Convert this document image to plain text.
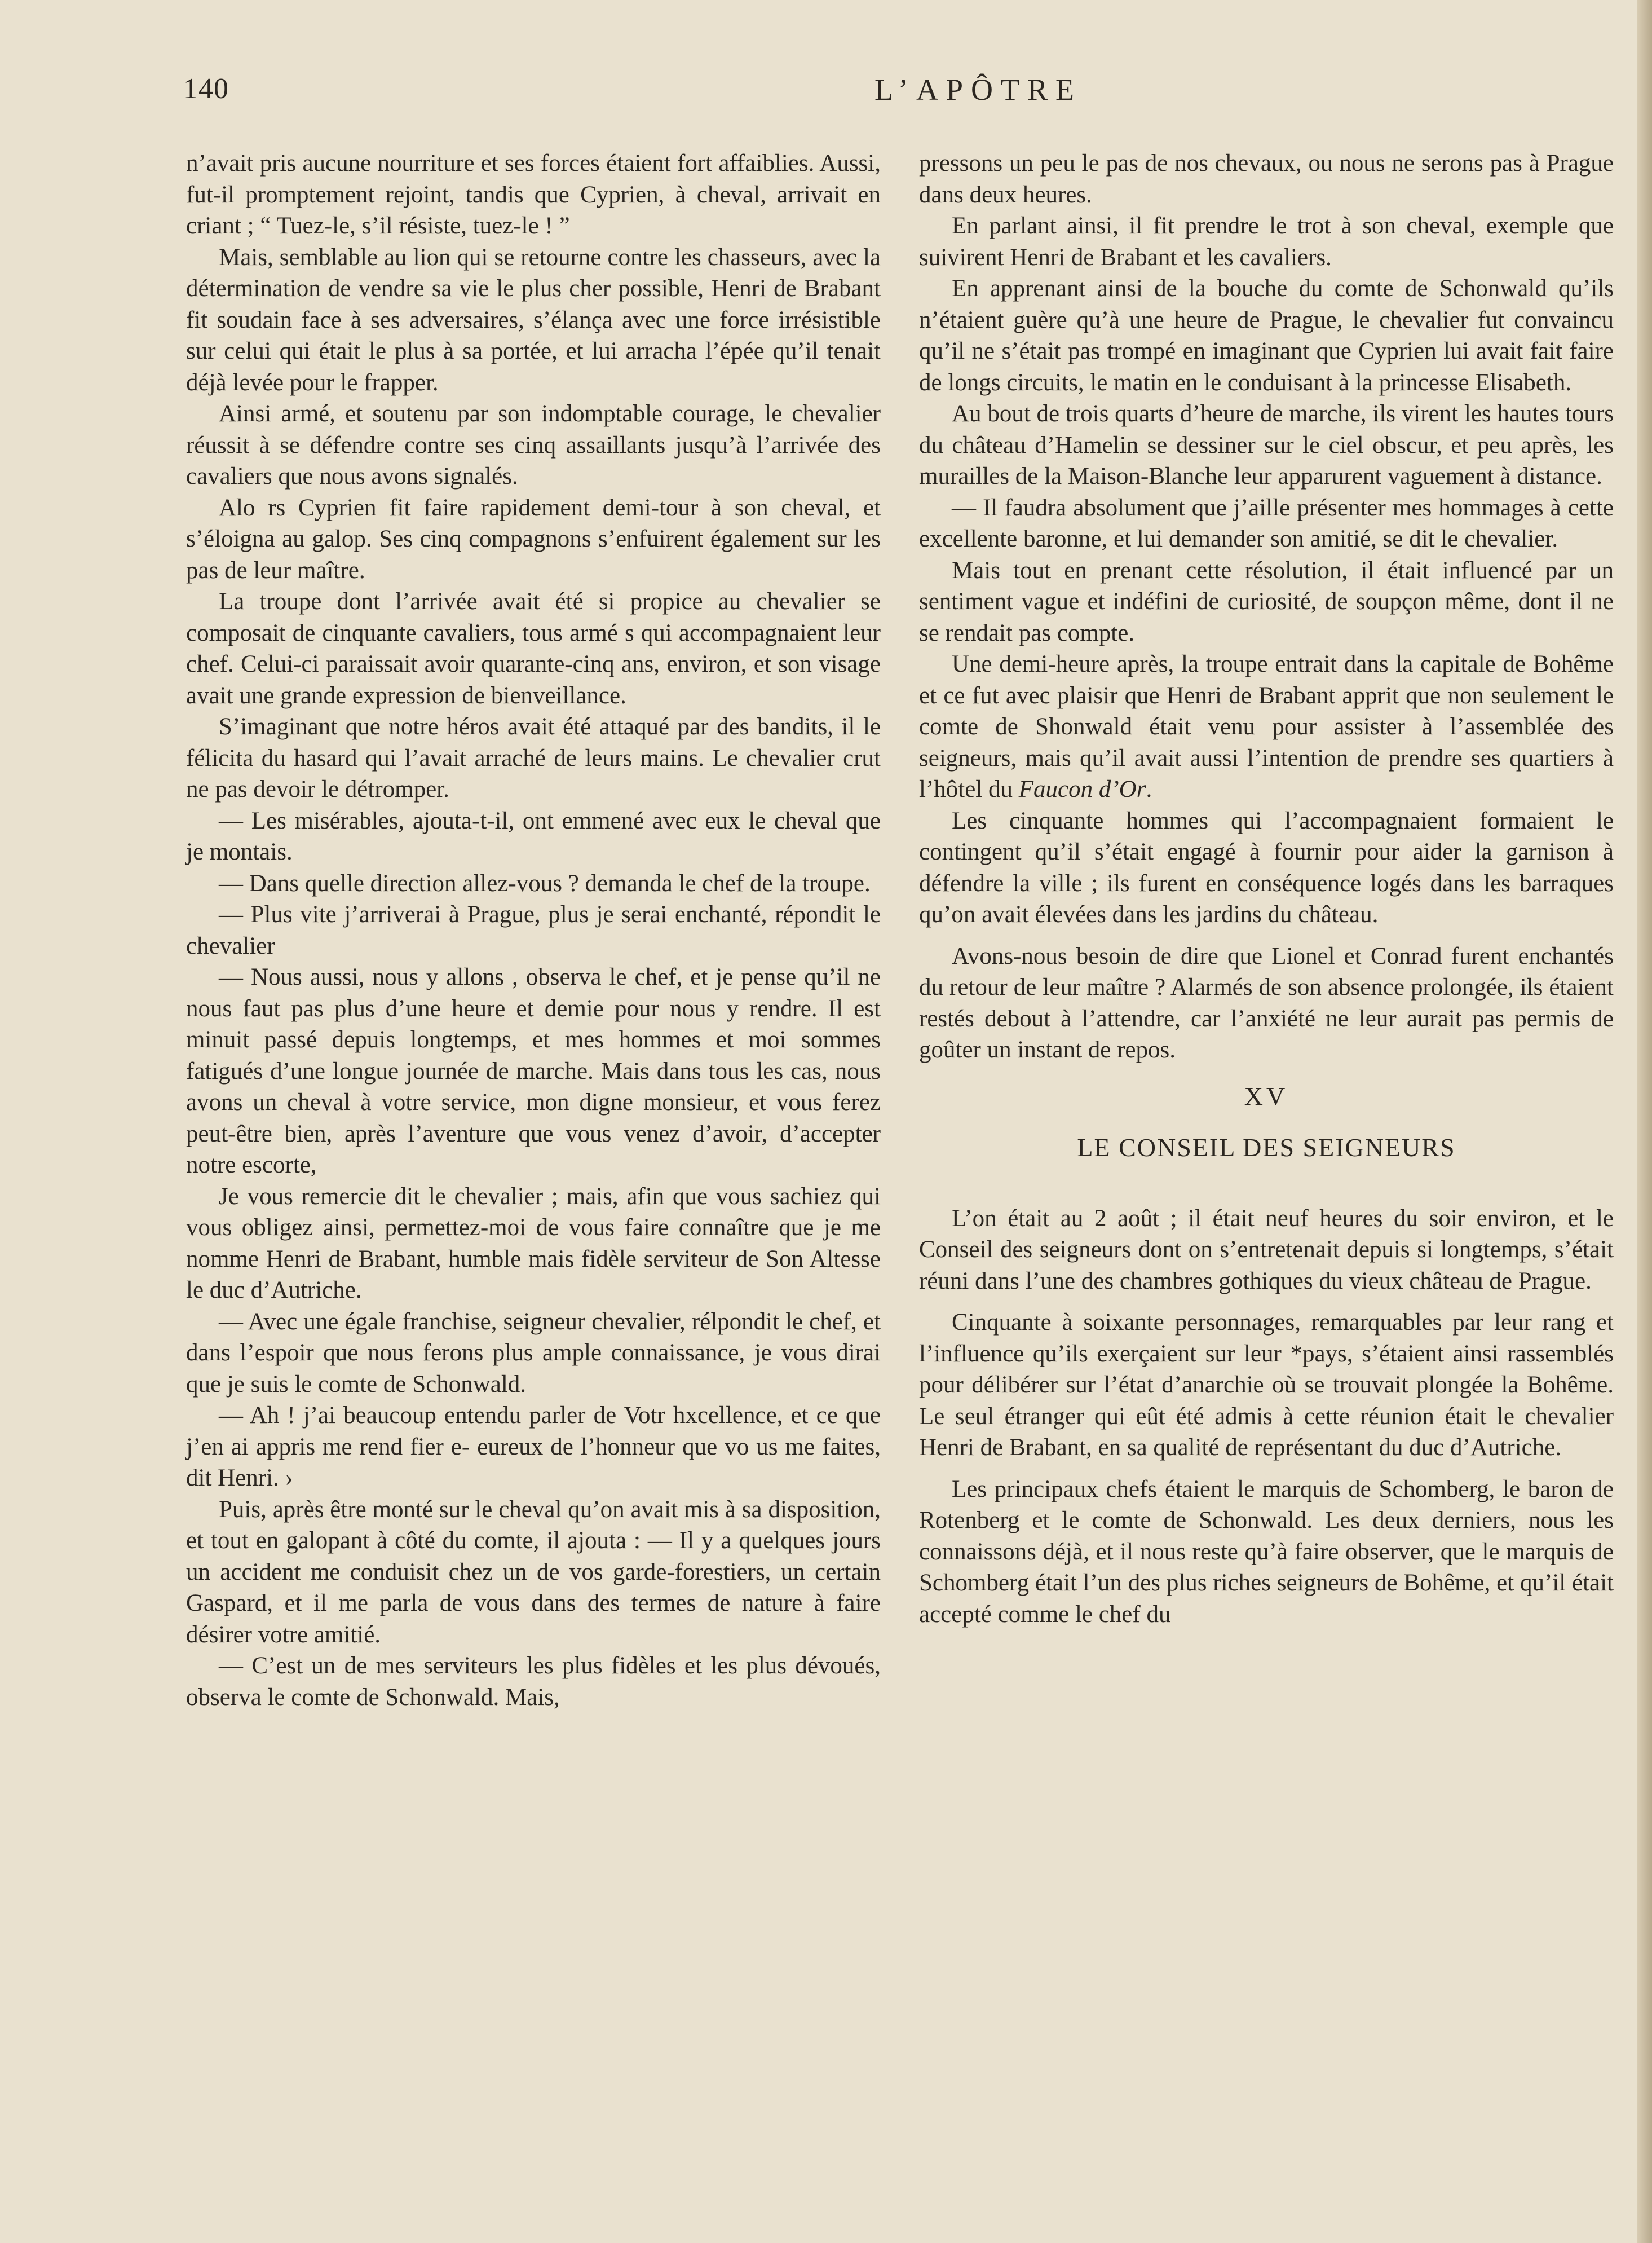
140	L’APÔTRE

n’avait pris aucune nourriture et ses forces étaient fort affaiblies. Aussi, fut-il promptement rejoint, tandis que Cyprien, à cheval, arrivait en criant ; “ Tuez-le, s’il résiste, tuez-le ! ”

Mais, semblable au lion qui se retourne contre les chasseurs, avec la détermination de vendre sa vie le plus cher possible, Henri de Brabant fit soudain face à ses adversaires, s’élança avec une force irrésistible sur celui qui était le plus à sa portée, et lui arracha l’épée qu’il tenait déjà levée pour le frapper.

Ainsi armé, et soutenu par son indomptable courage, le chevalier réussit à se défendre contre ses cinq assaillants jusqu’à l’arrivée des cavaliers que nous avons signalés.

Alo rs Cyprien fit faire rapidement demi-tour à son cheval, et s’éloigna au galop. Ses cinq compagnons s’enfuirent également sur les pas de leur maître.

La troupe dont l’arrivée avait été si propice au chevalier se composait de cinquante cavaliers, tous armé s qui accompagnaient leur chef. Celui-ci paraissait avoir quarante-cinq ans, environ, et son visage avait une grande expression de bienveillance.

S’imaginant que notre héros avait été attaqué par des bandits, il le félicita du hasard qui l’avait arraché de leurs mains. Le chevalier crut ne pas devoir le détromper.

— Les misérables, ajouta-t-il, ont emmené avec eux le cheval que je montais.

— Dans quelle direction allez-vous ? demanda le chef de la troupe.

— Plus vite j’arriverai à Prague, plus je serai enchanté, répondit le chevalier

— Nous aussi, nous y allons , observa le chef, et je pense qu’il ne nous faut pas plus d’une heure et demie pour nous y rendre. Il est minuit passé depuis longtemps, et mes hommes et moi sommes fatigués d’une longue journée de marche. Mais dans tous les cas, nous avons un cheval à votre service, mon digne monsieur, et vous ferez peut-être bien, après l’aventure que vous venez d’avoir, d’accepter notre escorte,

Je vous remercie dit le chevalier ; mais, afin que vous sachiez qui vous obligez ainsi, permettez-moi de vous faire connaître que je me nomme Henri de Brabant, humble mais fidèle serviteur de Son Altesse le duc d’Autriche.

— Avec une égale franchise, seigneur chevalier, rélpondit le chef, et dans l’espoir que nous ferons plus ample connaissance, je vous dirai que je suis le comte de Schonwald.

— Ah ! j’ai beaucoup entendu parler de Votr hxcellence, et ce que j’en ai appris me rend fier e- eureux de l’honneur que vo us me faites, dit Henri. ›

Puis, après être monté sur le cheval qu’on avait mis à sa disposition, et tout en galopant à côté du comte, il ajouta : — Il y a quelques jours un accident me conduisit chez un de vos garde-forestiers, un certain Gaspard, et il me parla de vous dans des termes de nature à faire désirer votre amitié.

— C’est un de mes serviteurs les plus fidèles et les plus dévoués, observa le comte de Schonwald. Mais,

pressons un peu le pas de nos chevaux, ou nous ne serons pas à Prague dans deux heures.

En parlant ainsi, il fit prendre le trot à son cheval, exemple que suivirent Henri de Brabant et les cavaliers.

En apprenant ainsi de la bouche du comte de Schonwald qu’ils n’étaient guère qu’à une heure de Prague, le chevalier fut convaincu qu’il ne s’était pas trompé en imaginant que Cyprien lui avait fait faire de longs circuits, le matin en le conduisant à la princesse Elisabeth.

Au bout de trois quarts d’heure de marche, ils virent les hautes tours du château d’Hamelin se dessiner sur le ciel obscur, et peu après, les murailles de la Maison-Blanche leur apparurent vaguement à distance.

— Il faudra absolument que j’aille présenter mes hommages à cette excellente baronne, et lui demander son amitié, se dit le chevalier.

Mais tout en prenant cette résolution, il était influencé par un sentiment vague et indéfini de curiosité, de soupçon même, dont il ne se rendait pas compte.

Une demi-heure après, la troupe entrait dans la capitale de Bohême et ce fut avec plaisir que Henri de Brabant apprit que non seulement le comte de Shonwald était venu pour assister à l’assemblée des seigneurs, mais qu’il avait aussi l’intention de prendre ses quartiers à l’hôtel du Faucon d’Or.

Les cinquante hommes qui l’accompagnaient formaient le contingent qu’il s’était engagé à fournir pour aider la garnison à défendre la ville ; ils furent en conséquence logés dans les barraques qu’on avait élevées dans les jardins du château.

Avons-nous besoin de dire que Lionel et Conrad furent enchantés du retour de leur maître ? Alarmés de son absence prolongée, ils étaient restés debout à l’attendre, car l’anxiété ne leur aurait pas permis de goûter un instant de repos.

XV
LE CONSEIL DES SEIGNEURS

L’on était au 2 août ; il était neuf heures du soir environ, et le Conseil des seigneurs dont on s’entretenait depuis si longtemps, s’était réuni dans l’une des chambres gothiques du vieux château de Prague.

Cinquante à soixante personnages, remarquables par leur rang et l’influence qu’ils exerçaient sur leur *pays, s’étaient ainsi rassemblés pour délibérer sur l’état d’anarchie où se trouvait plongée la Bohême. Le seul étranger qui eût été admis à cette réunion était le chevalier Henri de Brabant, en sa qualité de représentant du duc d’Autriche.

Les principaux chefs étaient le marquis de Schomberg, le baron de Rotenberg et le comte de Schonwald. Les deux derniers, nous les connaissons déjà, et il nous reste qu’à faire observer, que le marquis de Schomberg était l’un des plus riches seigneurs de Bohême, et qu’il était accepté comme le chef du
